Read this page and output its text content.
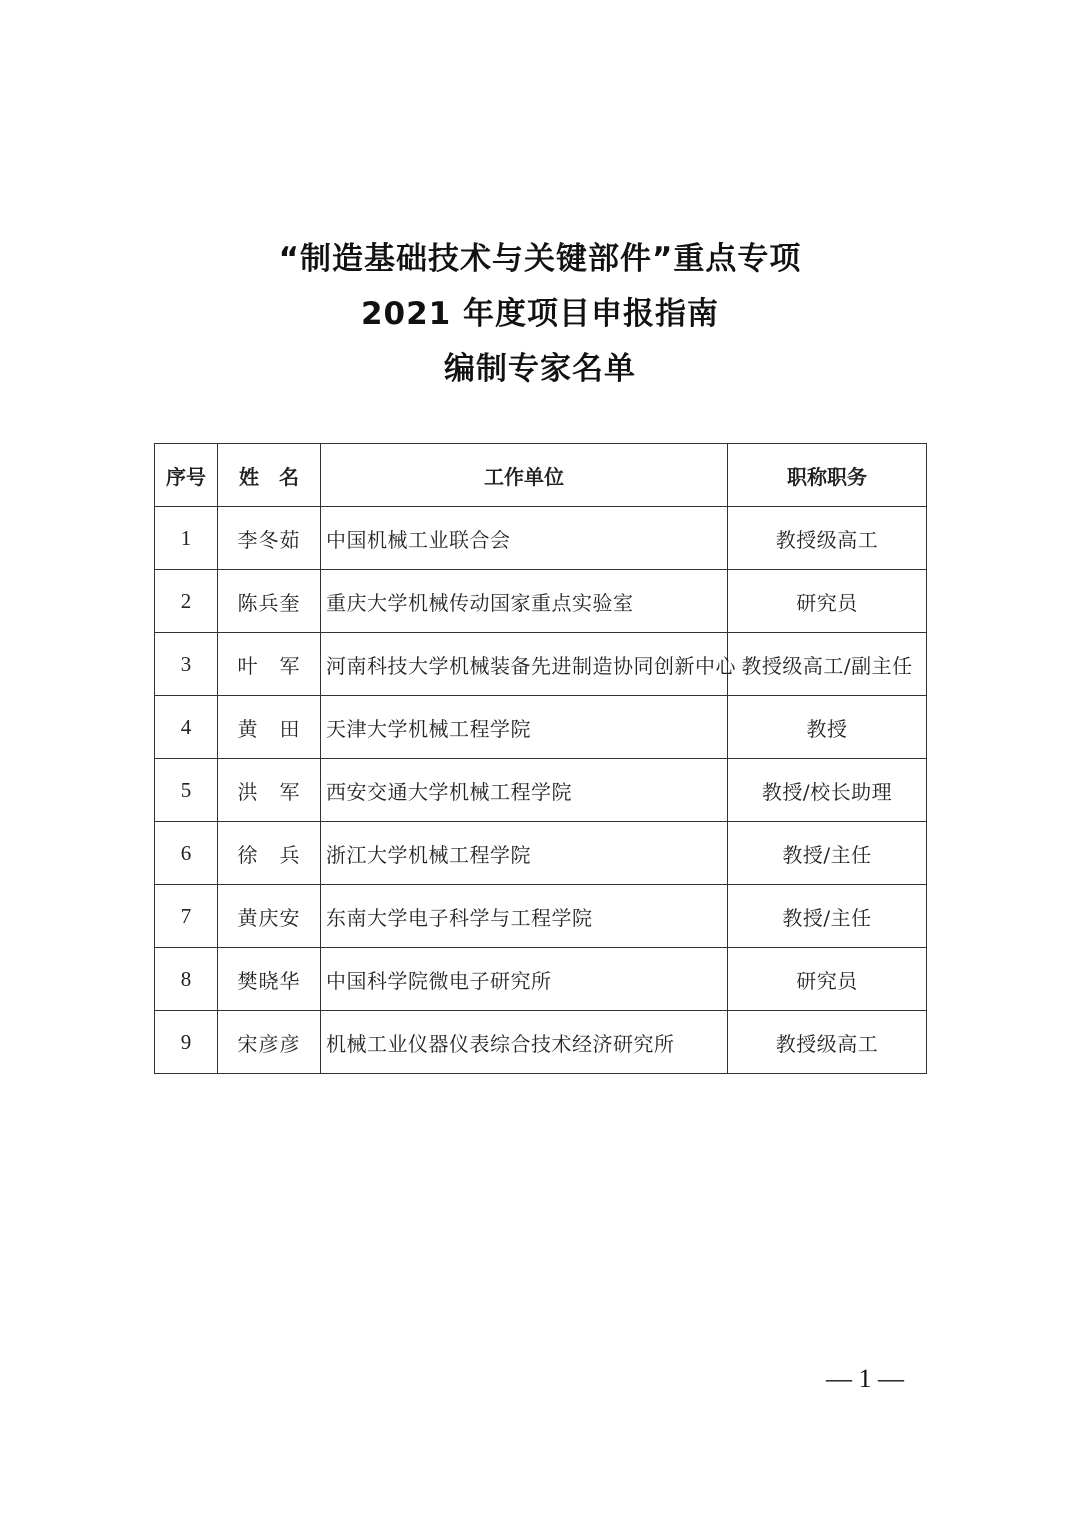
“制造基础技术与关键部件”重点专项
2021 年度项目申报指南
编制专家名单
序号	姓　名	工作单位	职称职务
1	李冬茹	中国机械工业联合会	教授级高工
2	陈兵奎	重庆大学机械传动国家重点实验室	研究员
3	叶　军	河南科技大学机械装备先进制造协同创新中心	教授级高工/副主任
4	黄　田	天津大学机械工程学院	教授
5	洪　军	西安交通大学机械工程学院	教授/校长助理
6	徐　兵	浙江大学机械工程学院	教授/主任
7	黄庆安	东南大学电子科学与工程学院	教授/主任
8	樊晓华	中国科学院微电子研究所	研究员
9	宋彦彦	机械工业仪器仪表综合技术经济研究所	教授级高工
— 1 —
